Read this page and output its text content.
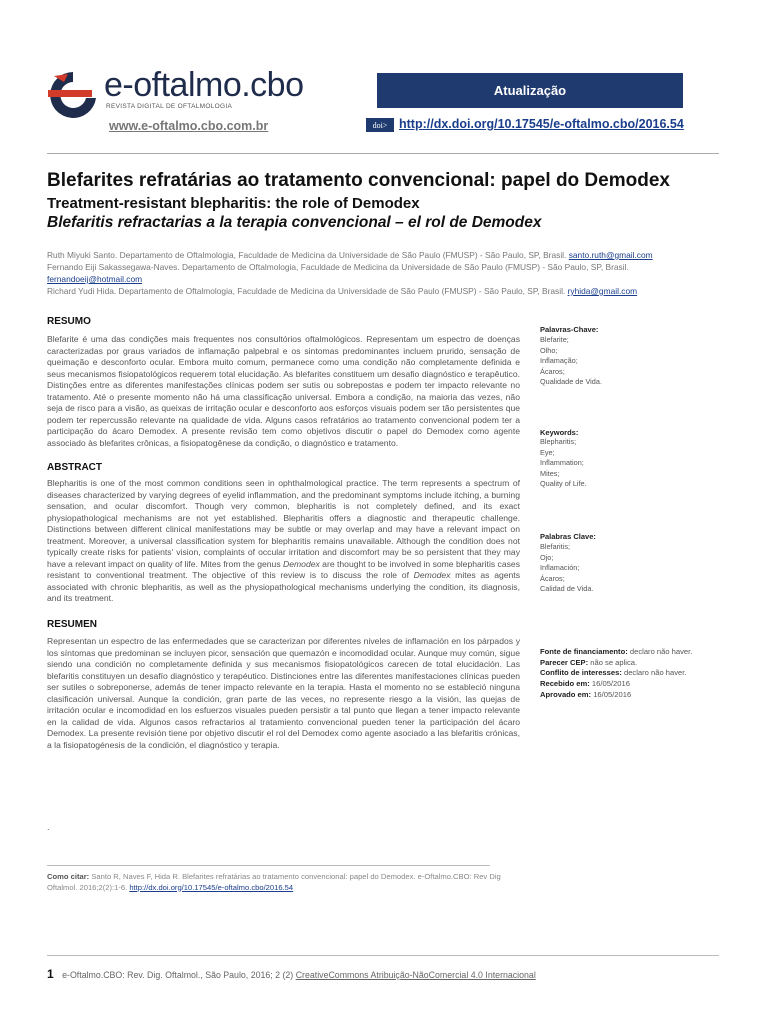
e-oftalmo.cbo
REVISTA DIGITAL DE OFTALMOLOGIA
www.e-oftalmo.cbo.com.br
Atualização
doi> http://dx.doi.org/10.17545/e-oftalmo.cbo/2016.54
Blefarites refratárias ao tratamento convencional: papel do Demodex
Treatment-resistant blepharitis: the role of Demodex
Blefaritis refractarias a la terapia convencional – el rol de Demodex
Ruth Miyuki Santo. Departamento de Oftalmologia, Faculdade de Medicina da Universidade de São Paulo (FMUSP) - São Paulo, SP, Brasil. santo.ruth@gmail.com
Fernando Eiji Sakassegawa-Naves. Departamento de Oftalmologia, Faculdade de Medicina da Universidade de São Paulo (FMUSP) - São Paulo, SP, Brasil.
fernandoeij@hotmail.com
Richard Yudi Hida. Departamento de Oftalmologia, Faculdade de Medicina da Universidade de São Paulo (FMUSP) - São Paulo, SP, Brasil. ryhida@gmail.com
RESUMO
Blefarite é uma das condições mais frequentes nos consultórios oftalmológicos. Representam um espectro de doenças caracterizadas por graus variados de inflamação palpebral e os sintomas predominantes incluem prurido, sensação de queimação e desconforto ocular. Embora muito comum, permanece como uma condição não completamente definida e seus mecanismos fisiopatológicos requerem total elucidação. As blefarites constituem um desafio diagnóstico e terapêutico. Distinções entre as diferentes manifestações clínicas podem ser sutis ou sobrepostas e podem ter impacto relevante no tratamento. Até o presente momento não há uma classificação universal. Embora a condição, na maioria das vezes, não seja de risco para a visão, as queixas de irritação ocular e desconforto aos esforços visuais podem ser tão persistentes que podem ter repercussão relevante na qualidade de vida. Alguns casos refratários ao tratamento convencional podem ter a participação do ácaro Demodex. A presente revisão tem como objetivos discutir o papel do Demodex como agente associado às blefarites crônicas, a fisiopatogênese da condição, o diagnóstico e tratamento.
ABSTRACT
Blepharitis is one of the most common conditions seen in ophthalmological practice. The term represents a spectrum of diseases characterized by varying degrees of eyelid inflammation, and the predominant symptoms include itching, a burning sensation, and ocular discomfort. Though very common, blepharitis is not completely defined, and its exact physiopathological mechanisms are not yet established. Blepharitis offers a diagnostic and therapeutic challenge. Distinctions between different clinical manifestations may be subtle or may overlap and may have a relevant impact on treatment. Moreover, a universal classification system for blepharitis remains unavailable. Although the condition does not typically create risks for patients' vision, complaints of occular irritation and discomfort may be so persistent that they may have a relevant impact on quality of life. Mites from the genus Demodex are thought to be involved in some blepharitis cases resistant to conventional treatment. The objective of this review is to discuss the role of Demodex mites as agents associated with chronic blepharitis, as well as the physiopathological mechanisms underlying the condition, its diagnosis, and its treatment.
RESUMEN
Representan un espectro de las enfermedades que se caracterizan por diferentes niveles de inflamación en los párpados y los síntomas que predominan se incluyen picor, sensación que quemazón e incomodidad ocular. Aunque muy común, sigue siendo una condición no completamente definida y sus mecanismos fisiopatológicos carecen de total elucidación. Las blefaritis constituyen un desafío diagnóstico y terapéutico. Distinciones entre las diferentes manifestaciones clínicas pueden ser sutiles o sobreponerse, además de tener impacto relevante en la terapia. Hasta el momento no se estableció ninguna clasificación universal. Aunque la condición, gran parte de las veces, no represente riesgo a la visión, las quejas de irritación ocular e incomodidad en los esfuerzos visuales pueden persistir a tal punto que llegan a tener impacto relevante en la calidad de vida. Algunos casos refractarios al tratamiento convencional pueden tener la participación del ácaro Demodex. La presente revisión tiene por objetivo discutir el rol del Demodex como agente asociado a las blefaritis crónicas, a la fisiopatogénesis de la condición, el diagnóstico y terapia.
Palavras-Chave:
Blefarite;
Olho;
Inflamação;
Ácaros;
Qualidade de Vida.
Keywords:
Blepharitis;
Eye;
Inflammation;
Mites;
Quality of Life.
Palabras Clave:
Blefaritis;
Ojo;
Inflamación;
Ácaros;
Calidad de Vida.
Fonte de financiamento: declaro não haver.
Parecer CEP: não se aplica.
Conflito de interesses: declaro não haver.
Recebido em: 16/05/2016
Aprovado em: 16/05/2016
.
Como citar: Santo R, Naves F, Hida R. Blefarites refratárias ao tratamento convencional: papel do Demodex. e-Oftalmo.CBO: Rev Dig Oftalmol. 2016;2(2):1-6. http://dx.doi.org/10.17545/e-oftalmo.cbo/2016.54
1 e-Oftalmo.CBO: Rev. Dig. Oftalmol., São Paulo, 2016; 2 (2) CreativeCommons Atribuição-NãoComercial 4.0 Internacional
